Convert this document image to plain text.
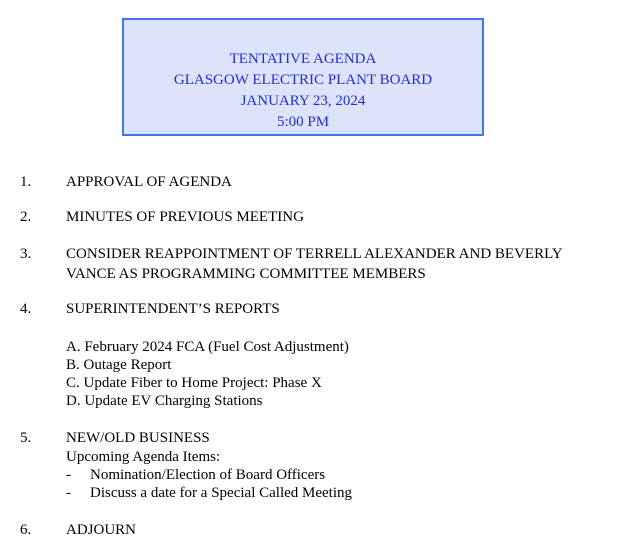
TENTATIVE AGENDA
GLASGOW ELECTRIC PLANT BOARD
JANUARY 23, 2024
5:00 PM
1. APPROVAL OF AGENDA
2. MINUTES OF PREVIOUS MEETING
3. CONSIDER REAPPOINTMENT OF TERRELL ALEXANDER AND BEVERLY VANCE AS PROGRAMMING COMMITTEE MEMBERS
4. SUPERINTENDENT’S REPORTS
A. February 2024 FCA (Fuel Cost Adjustment)
B. Outage Report
C. Update Fiber to Home Project: Phase X
D. Update EV Charging Stations
5. NEW/OLD BUSINESS
Upcoming Agenda Items:
- Nomination/Election of Board Officers
- Discuss a date for a Special Called Meeting
6. ADJOURN
